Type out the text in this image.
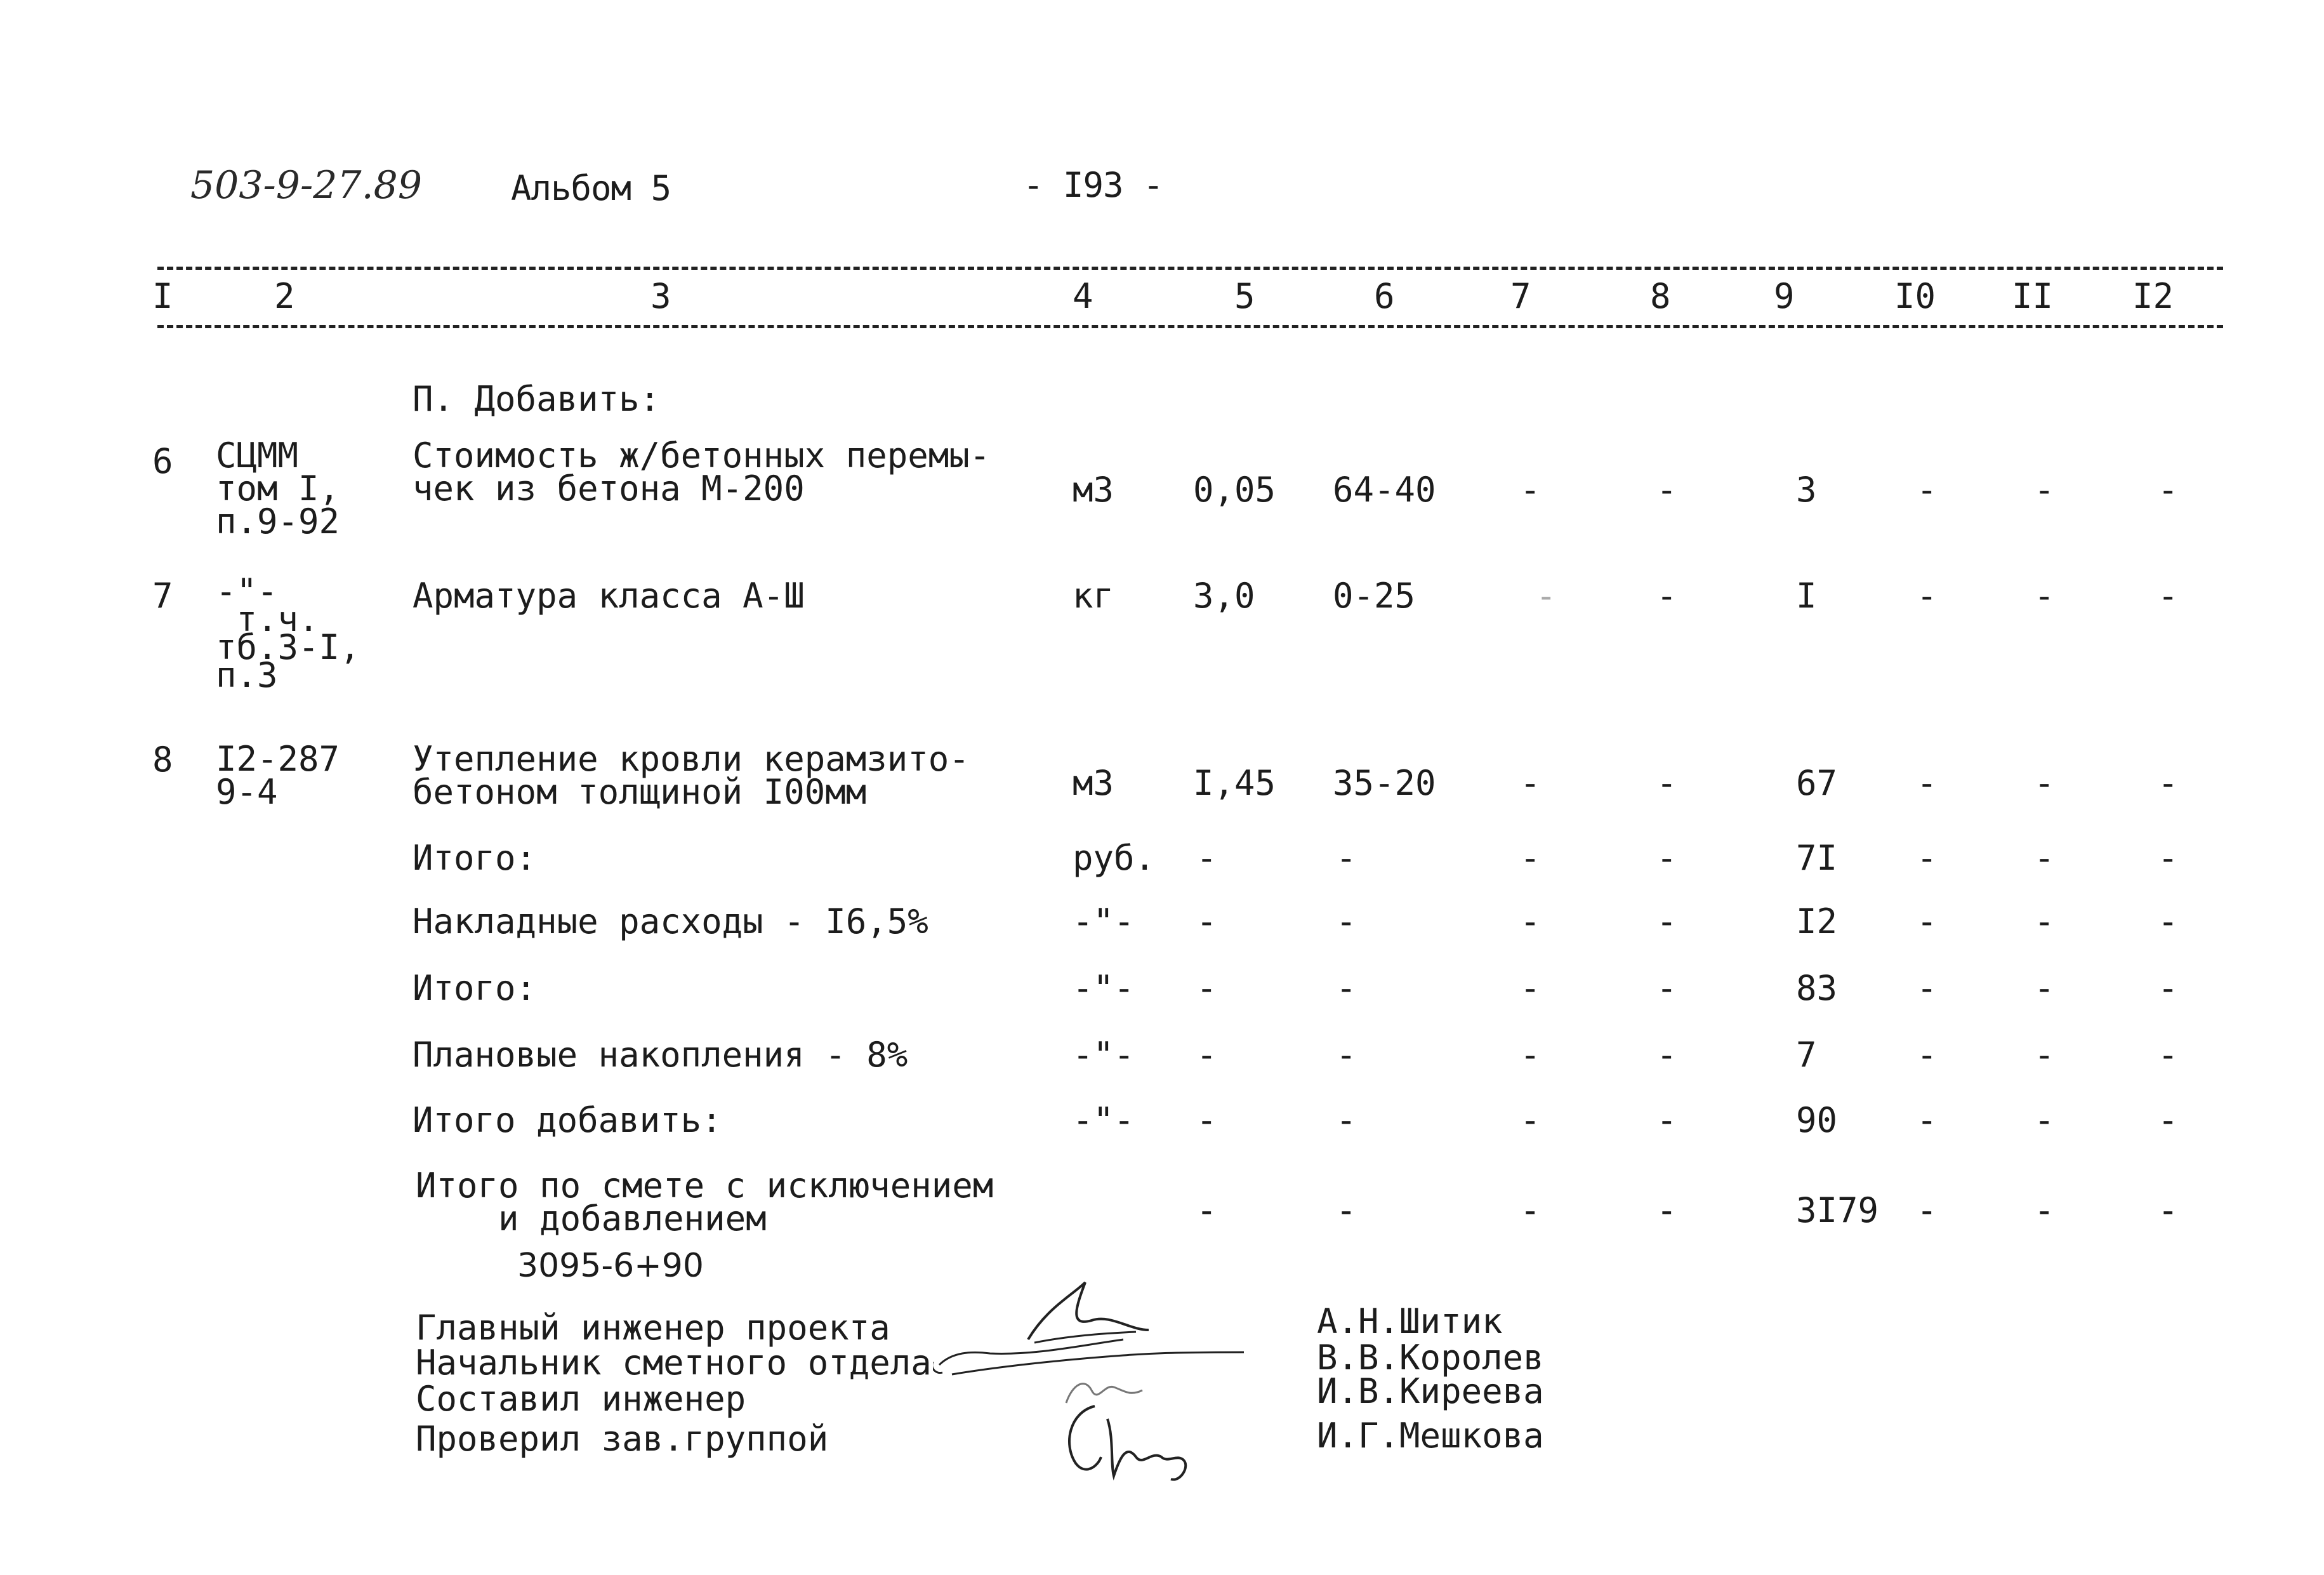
503-9-27.89	Альбом 5	- I93 -
I	2	3	4	5	6	7	8	9	I0 II I2
П. Добавить:
6 СЦММ
том I,
п.9-92
Стоимость ж/бетонных перемы-
чек из бетона М-200	м3 0,05 64-40 -	-	3	-	-	-
7 -"-
т.ч.
тб.3-I,
п.3
Арматура класса А-Ш	кг 3,0 0-25	-	-	I	-	-	-
8 I2-287
9-4
Утепление кровли керамзито-
бетоном толщиной I00мм	м3 I,45 35-20 -	-	67 -	-	-
Итого:	руб. -	-	-	-	7I -	-	-
Накладные расходы - I6,5%	-"- -	-	-	-	I2 -	-	-
Итого:	-"- -	-	-	-	83 -	-	-
Плановые накопления - 8%	-"- -	-	-	-	7	-	-	-
Итого добавить:	-"- -	-	-	-	90 -	-	-
Итого по смете с исключением
и добавлением
3095-6+90
-	-	-	-	3I79 -	-	-
Главный инженер проекта
Начальник сметного отдела
Составил инженер
Проверил зав.группой
А.Н.Шитик
В.В.Королев
И.В.Киреева
И.Г.Мешкова
